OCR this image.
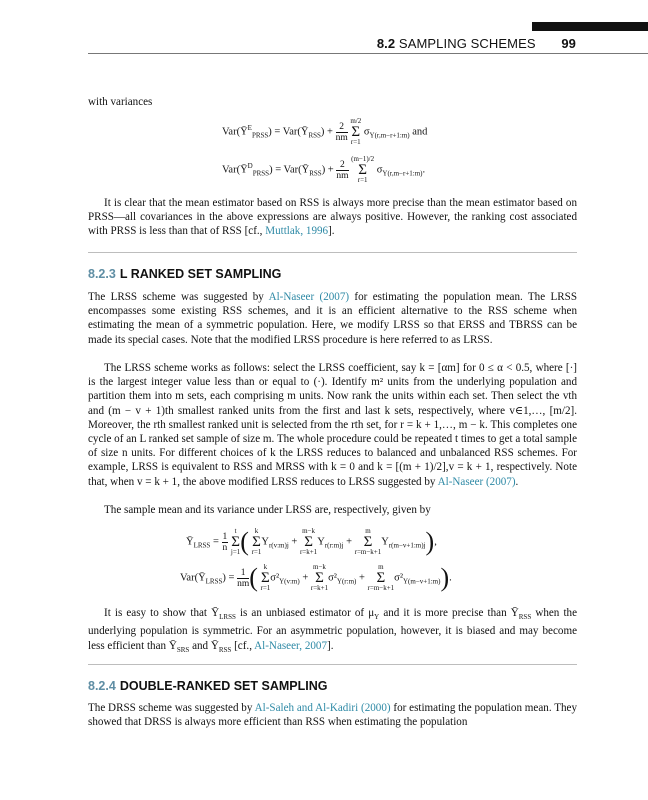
8.2 SAMPLING SCHEMES 99
with variances
$Var(Ȳ^E_{PRSS})$ = $Var(Ȳ_{RSS}) + \frac{2}{nm}$
m/2
Σ
r=1 $\sigma_{Y(r,m-r+1:m)}$ and
$Var(Ȳ^D_{PRSS})$ = $Var(Ȳ_{RSS}) + \frac{2}{nm}$
(m−1)/2
Σ
r=1 $\sigma_{Y(r,m-r+1:m)}$.
It is clear that the mean estimator based on RSS is always more precise than the mean estimator based on PRSS—all covariances in the above expressions are always positive. However, the ranking cost associated with PRSS is less than that of RSS [cf., Muttlak, 1996].
8.2.3 L RANKED SET SAMPLING
The LRSS scheme was suggested by Al-Naseer (2007) for estimating the population mean. The LRSS encompasses some existing RSS schemes, and it is an efficient alternative to the RSS scheme when estimating the mean of a symmetric population. Here, we modify LRSS so that ERSS and TBRSS can be made its special cases. Note that the modified LRSS procedure is here referred to as LRSS.
The LRSS scheme works as follows: select the LRSS coefficient, say k = [αm] for 0 ≤ α < 0.5, where [·] is the largest integer value less than or equal to (·). Identify m² units from the underlying population and partition them into m sets, each comprising m units. Now rank the units within each set. Then select the vth and (m − v + 1)th smallest ranked units from the first and last k sets, respectively, where v∈1,…, [m/2]. Moreover, the rth smallest ranked unit is selected from the rth set, for r = k + 1,…, m − k. This completes one cycle of an L ranked set sample of size m. The whole procedure could be repeated t times to get a total sample of size n units. For different choices of k the LRSS reduces to balanced and unbalanced RSS schemes. For example, LRSS is equivalent to RSS and MRSS with k = 0 and k = [(m + 1)/2],v = k + 1, respectively. Note that, when v = k + 1, the above modified LRSS reduces to LRSS suggested by Al-Naseer (2007).
The sample mean and its variance under LRSS are, respectively, given by
$Ȳ_{LRSS} = \frac{1}{n}$
t
Σ
j=1( k
Σ
$r=1Y_{r(v:m)j} + m-k$
Σ
$r=k+1Y_{r(r:m)j} + m$
Σ
$r=m-k+1Y_{r(m-v+1:m)j}$),
$Var(Ȳ_{LRSS}) = \frac{1}{nm}$ ( k
Σ
$r=1\sigma^2_{Y(v:m)} + m-k$
Σ
$r=k+1\sigma^2_{Y(r:m)} + m$
Σ
$r=m-k+1\sigma^2_{Y(m-v+1:m)}$).
It is easy to show that $Ȳ_{LRSS}$ is an unbiased estimator of $\mu_Y$ and it is more precise than $Ȳ_{RSS}$ when the underlying population is symmetric. For an asymmetric population, however, it is biased and may become less efficient than $Ȳ_{SRS}$ and $Ȳ_{RSS}$ [cf., Al-Naseer, 2007].
8.2.4 DOUBLE-RANKED SET SAMPLING
The DRSS scheme was suggested by Al-Saleh and Al-Kadiri (2000) for estimating the population mean. They showed that DRSS is always more efficient than RSS when estimating the population
